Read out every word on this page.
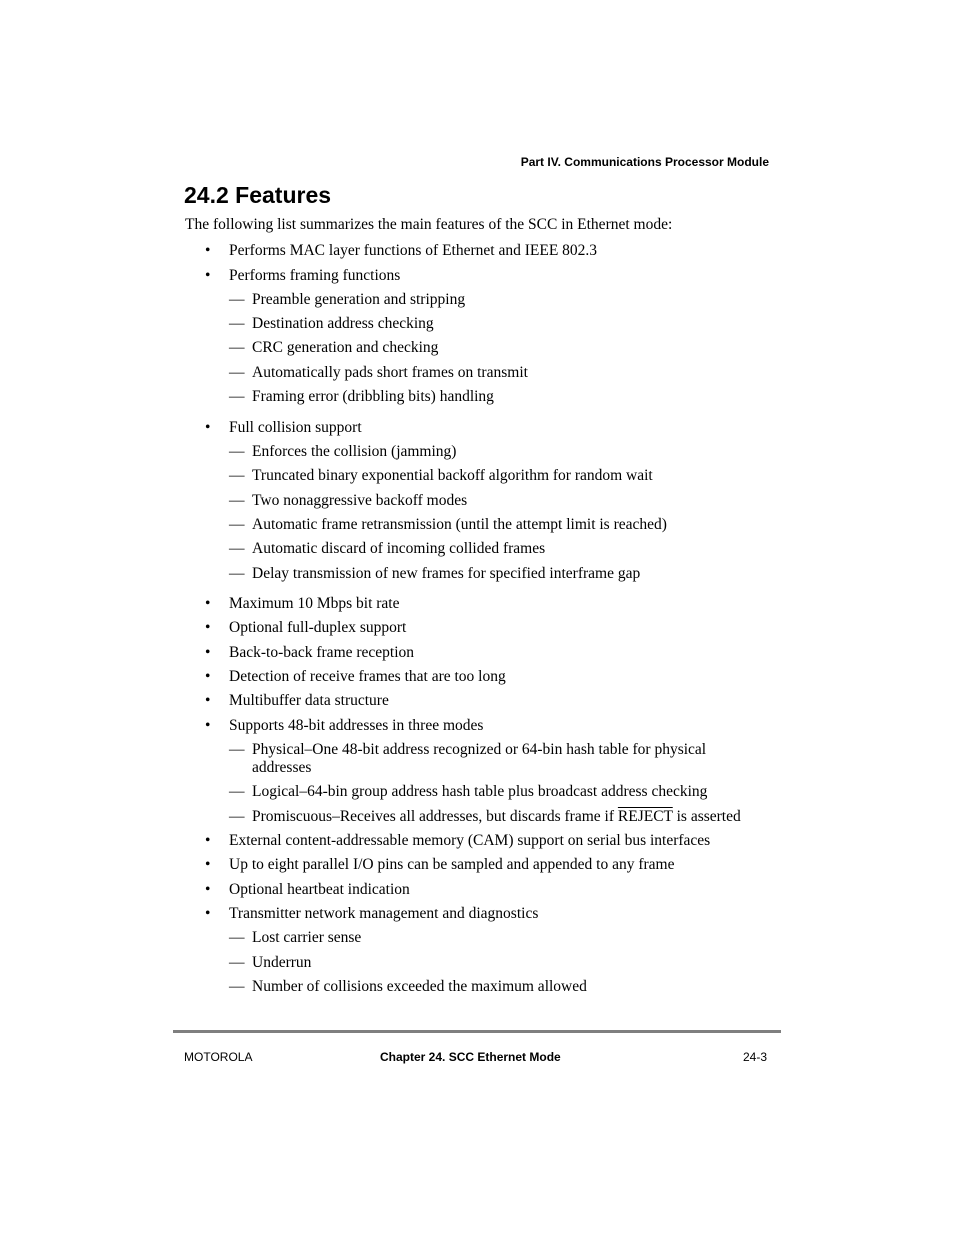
Part IV. Communications Processor Module
24.2 Features

The following list summarizes the main features of the SCC in Ethernet mode:

• Performs MAC layer functions of Ethernet and IEEE 802.3
• Performs framing functions
— Preamble generation and stripping
— Destination address checking
— CRC generation and checking
— Automatically pads short frames on transmit
— Framing error (dribbling bits) handling
• Full collision support
— Enforces the collision (jamming)
— Truncated binary exponential backoff algorithm for random wait
— Two nonaggressive backoff modes
— Automatic frame retransmission (until the attempt limit is reached)
— Automatic discard of incoming collided frames
— Delay transmission of new frames for specified interframe gap
• Maximum 10 Mbps bit rate
• Optional full-duplex support
• Back-to-back frame reception
• Detection of receive frames that are too long
• Multibuffer data structure
• Supports 48-bit addresses in three modes
— Physical–One 48-bit address recognized or 64-bin hash table for physical
addresses
— Logical–64-bin group address hash table plus broadcast address checking
— Promiscuous–Receives all addresses, but discards frame if REJECT is asserted
• External content-addressable memory (CAM) support on serial bus interfaces
• Up to eight parallel I/O pins can be sampled and appended to any frame
• Optional heartbeat indication
• Transmitter network management and diagnostics
— Lost carrier sense
— Underrun
— Number of collisions exceeded the maximum allowed
MOTOROLA	Chapter 24. SCC Ethernet Mode	24-3
